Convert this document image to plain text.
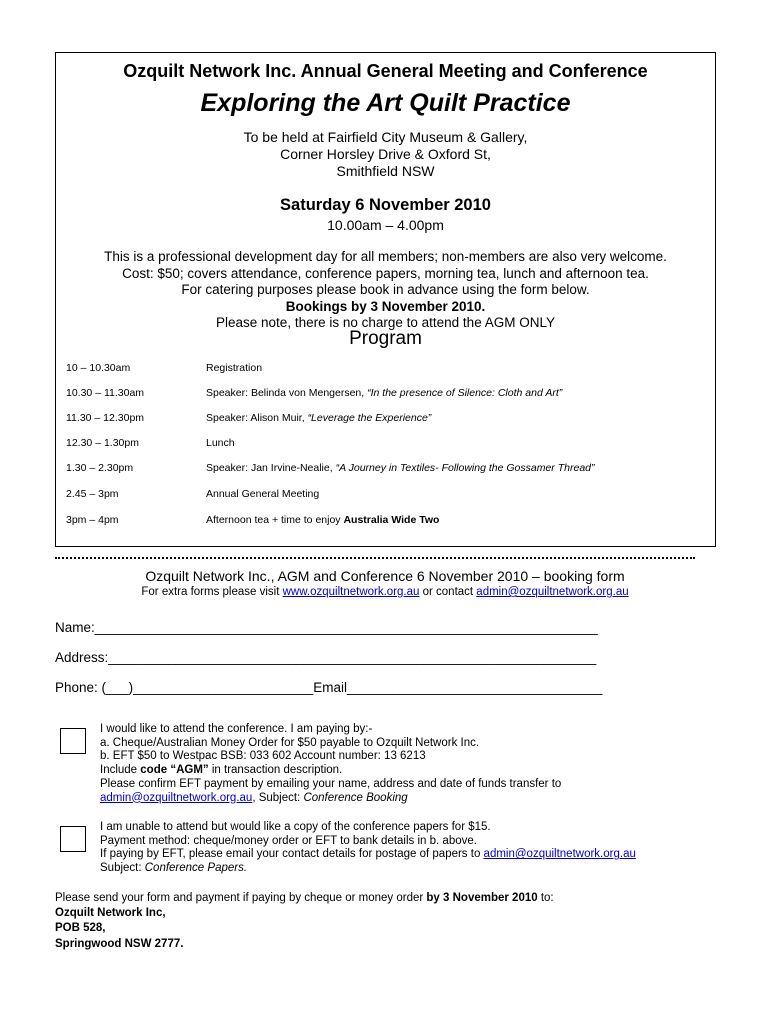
Ozquilt Network Inc. Annual General Meeting and Conference
Exploring the Art Quilt Practice
To be held at Fairfield City Museum & Gallery,
Corner Horsley Drive & Oxford St,
Smithfield NSW
Saturday 6 November 2010
10.00am – 4.00pm
This is a professional development day for all members; non-members are also very welcome.
Cost: $50; covers attendance, conference papers, morning tea, lunch and afternoon tea.
For catering purposes please book in advance using the form below.
Bookings by 3 November 2010.
Please note, there is no charge to attend the AGM ONLY
Program
10 – 10.30am	Registration
10.30 – 11.30am	Speaker: Belinda von Mengersen, “In the presence of Silence: Cloth and Art”
11.30 – 12.30pm	Speaker: Alison Muir, “Leverage the Experience”
12.30 – 1.30pm	Lunch
1.30 – 2.30pm	Speaker: Jan Irvine-Nealie, “A Journey in Textiles- Following the Gossamer Thread”
2.45 – 3pm	Annual General Meeting
3pm – 4pm	Afternoon tea + time to enjoy Australia Wide Two
Ozquilt Network Inc., AGM and Conference 6 November 2010 – booking form
For extra forms please visit www.ozquiltnetwork.org.au or contact admin@ozquiltnetwork.org.au
Name:___________________________________________________________________
Address:_________________________________________________________________
Phone: (___)________________________Email__________________________________
I would like to attend the conference. I am paying by:-
a. Cheque/Australian Money Order for $50 payable to Ozquilt Network Inc.
b. EFT $50 to Westpac BSB: 033 602 Account number: 13 6213
Include code “AGM” in transaction description.
Please confirm EFT payment by emailing your name, address and date of funds transfer to
admin@ozquiltnetwork.org.au, Subject: Conference Booking
I am unable to attend but would like a copy of the conference papers for $15.
Payment method: cheque/money order or EFT to bank details in b. above.
If paying by EFT, please email your contact details for postage of papers to admin@ozquiltnetwork.org.au
Subject: Conference Papers.
Please send your form and payment if paying by cheque or money order by 3 November 2010 to:
Ozquilt Network Inc,
POB 528,
Springwood NSW 2777.
